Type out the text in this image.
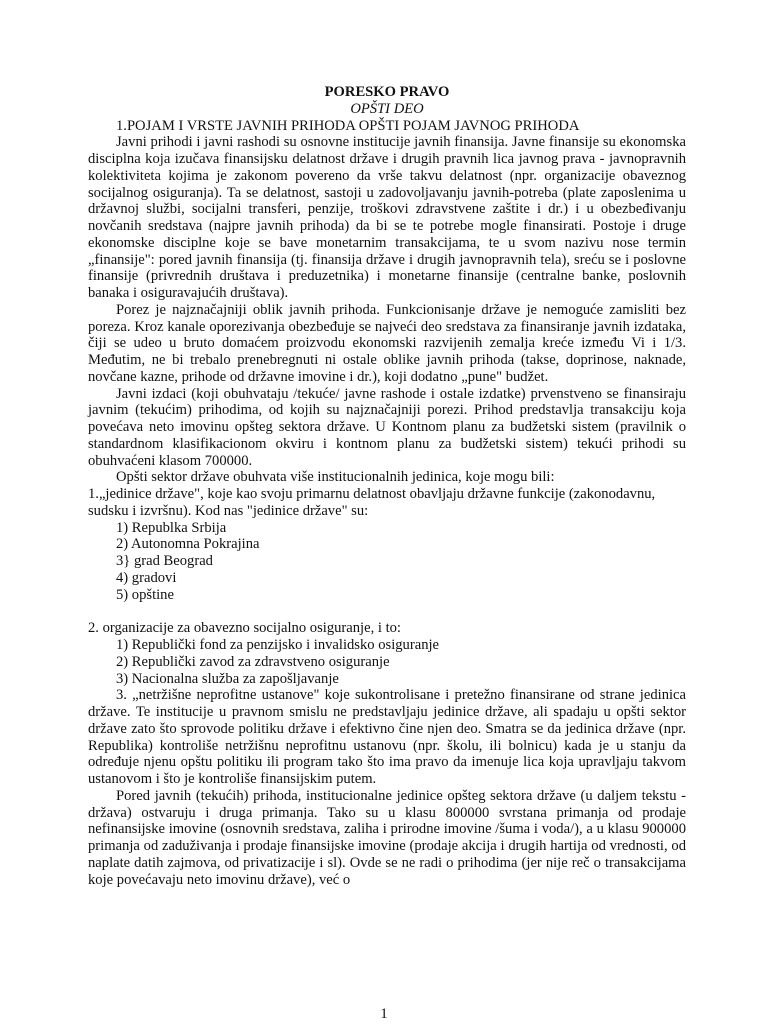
PORESKO PRAVO

OPŠTI DEO

1.POJAM I VRSTE JAVNIH PRIHODA OPŠTI POJAM JAVNOG PRIHODA

Javni prihodi i javni rashodi su osnovne institucije javnih finansija. Javne finansije su ekonomska disciplna koja izučava finansijsku delatnost države i drugih pravnih lica javnog prava - javnopravnih kolektiviteta kojima je zakonom povereno da vrše takvu delatnost (npr. organizacije obaveznog socijalnog osiguranja). Ta se delatnost, sastoji u zadovoljavanju javnih-potreba (plate zaposlenima u državnoj službi, socijalni transferi, penzije, troškovi zdravstvene zaštite i dr.) i u obezbeđivanju novčanih sredstava (najpre javnih prihoda) da bi se te potrebe mogle finansirati. Postoje i druge ekonomske disciplne koje se bave monetarnim transakcijama, te u svom nazivu nose termin „finansije": pored javnih finansija (tj. finansija države i drugih javnopravnih tela), sreću se i poslovne finansije (privrednih društava i preduzetnika) i monetarne finansije (centralne banke, poslovnih banaka i osiguravajućih društava).

Porez je najznačajniji oblik javnih prihoda. Funkcionisanje države je nemoguće zamisliti bez poreza. Kroz kanale oporezivanja obezbeđuje se najveći deo sredstava za finansiranje javnih izdataka, čiji se udeo u bruto domaćem proizvodu ekonomski razvijenih zemalja kreće između Vi i 1/3. Međutim, ne bi trebalo prenebregnuti ni ostale oblike javnih prihoda (takse, doprinose, naknade, novčane kazne, prihode od državne imovine i dr.), koji dodatno „pune" budžet.

Javni izdaci (koji obuhvataju /tekuće/ javne rashode i ostale izdatke) prvenstveno se finansiraju javnim (tekućim) prihodima, od kojih su najznačajniji porezi. Prihod predstavlja transakciju koja povećava neto imovinu opšteg sektora države. U Kontnom planu za budžetski sistem (pravilnik o standardnom klasifikacionom okviru i kontnom planu za budžetski sistem) tekući prihodi su obuhvaćeni klasom 700000.

Opšti sektor države obuhvata više institucionalnih jedinica, koje mogu bili:

1.„jedinice države", koje kao svoju primarnu delatnost obavljaju državne funkcije (zakonodavnu, sudsku i izvršnu). Kod nas "jedinice države" su:

1) Republka Srbija
2) Autonomna Pokrajina
3} grad Beograd
4) gradovi
5) opštine

2. organizacije za obavezno socijalno osiguranje, i to:

1) Republički fond za penzijsko i invalidsko osiguranje
2) Republički zavod za zdravstveno osiguranje
3) Nacionalna služba za zapošljavanje

3. „netržišne neprofitne ustanove" koje sukontrolisane i pretežno finansirane od strane jedinica države. Te institucije u pravnom smislu ne predstavljaju jedinice države, ali spadaju u opšti sektor države zato što sprovode politiku države i efektivno čine njen deo. Smatra se da jedinica države (npr. Republika) kontroliše netržišnu neprofitnu ustanovu (npr. školu, ili bolnicu) kada je u stanju da određuje njenu opštu politiku ili program tako što ima pravo da imenuje lica koja upravljaju takvom ustanovom i što je kontroliše finansijskim putem.

Pored javnih (tekućih) prihoda, institucionalne jedinice opšteg sektora države (u daljem tekstu - država) ostvaruju i druga primanja. Tako su u klasu 800000 svrstana primanja od prodaje nefinansijske imovine (osnovnih sredstava, zaliha i prirodne imovine /šuma i voda/), a u klasu 900000 primanja od zaduživanja i prodaje finansijske imovine (prodaje akcija i drugih hartija od vrednosti, od naplate datih zajmova, od privatizacije i sl). Ovde se ne radi o prihodima (jer nije reč o transakcijama koje povećavaju neto imovinu države), već o

1
